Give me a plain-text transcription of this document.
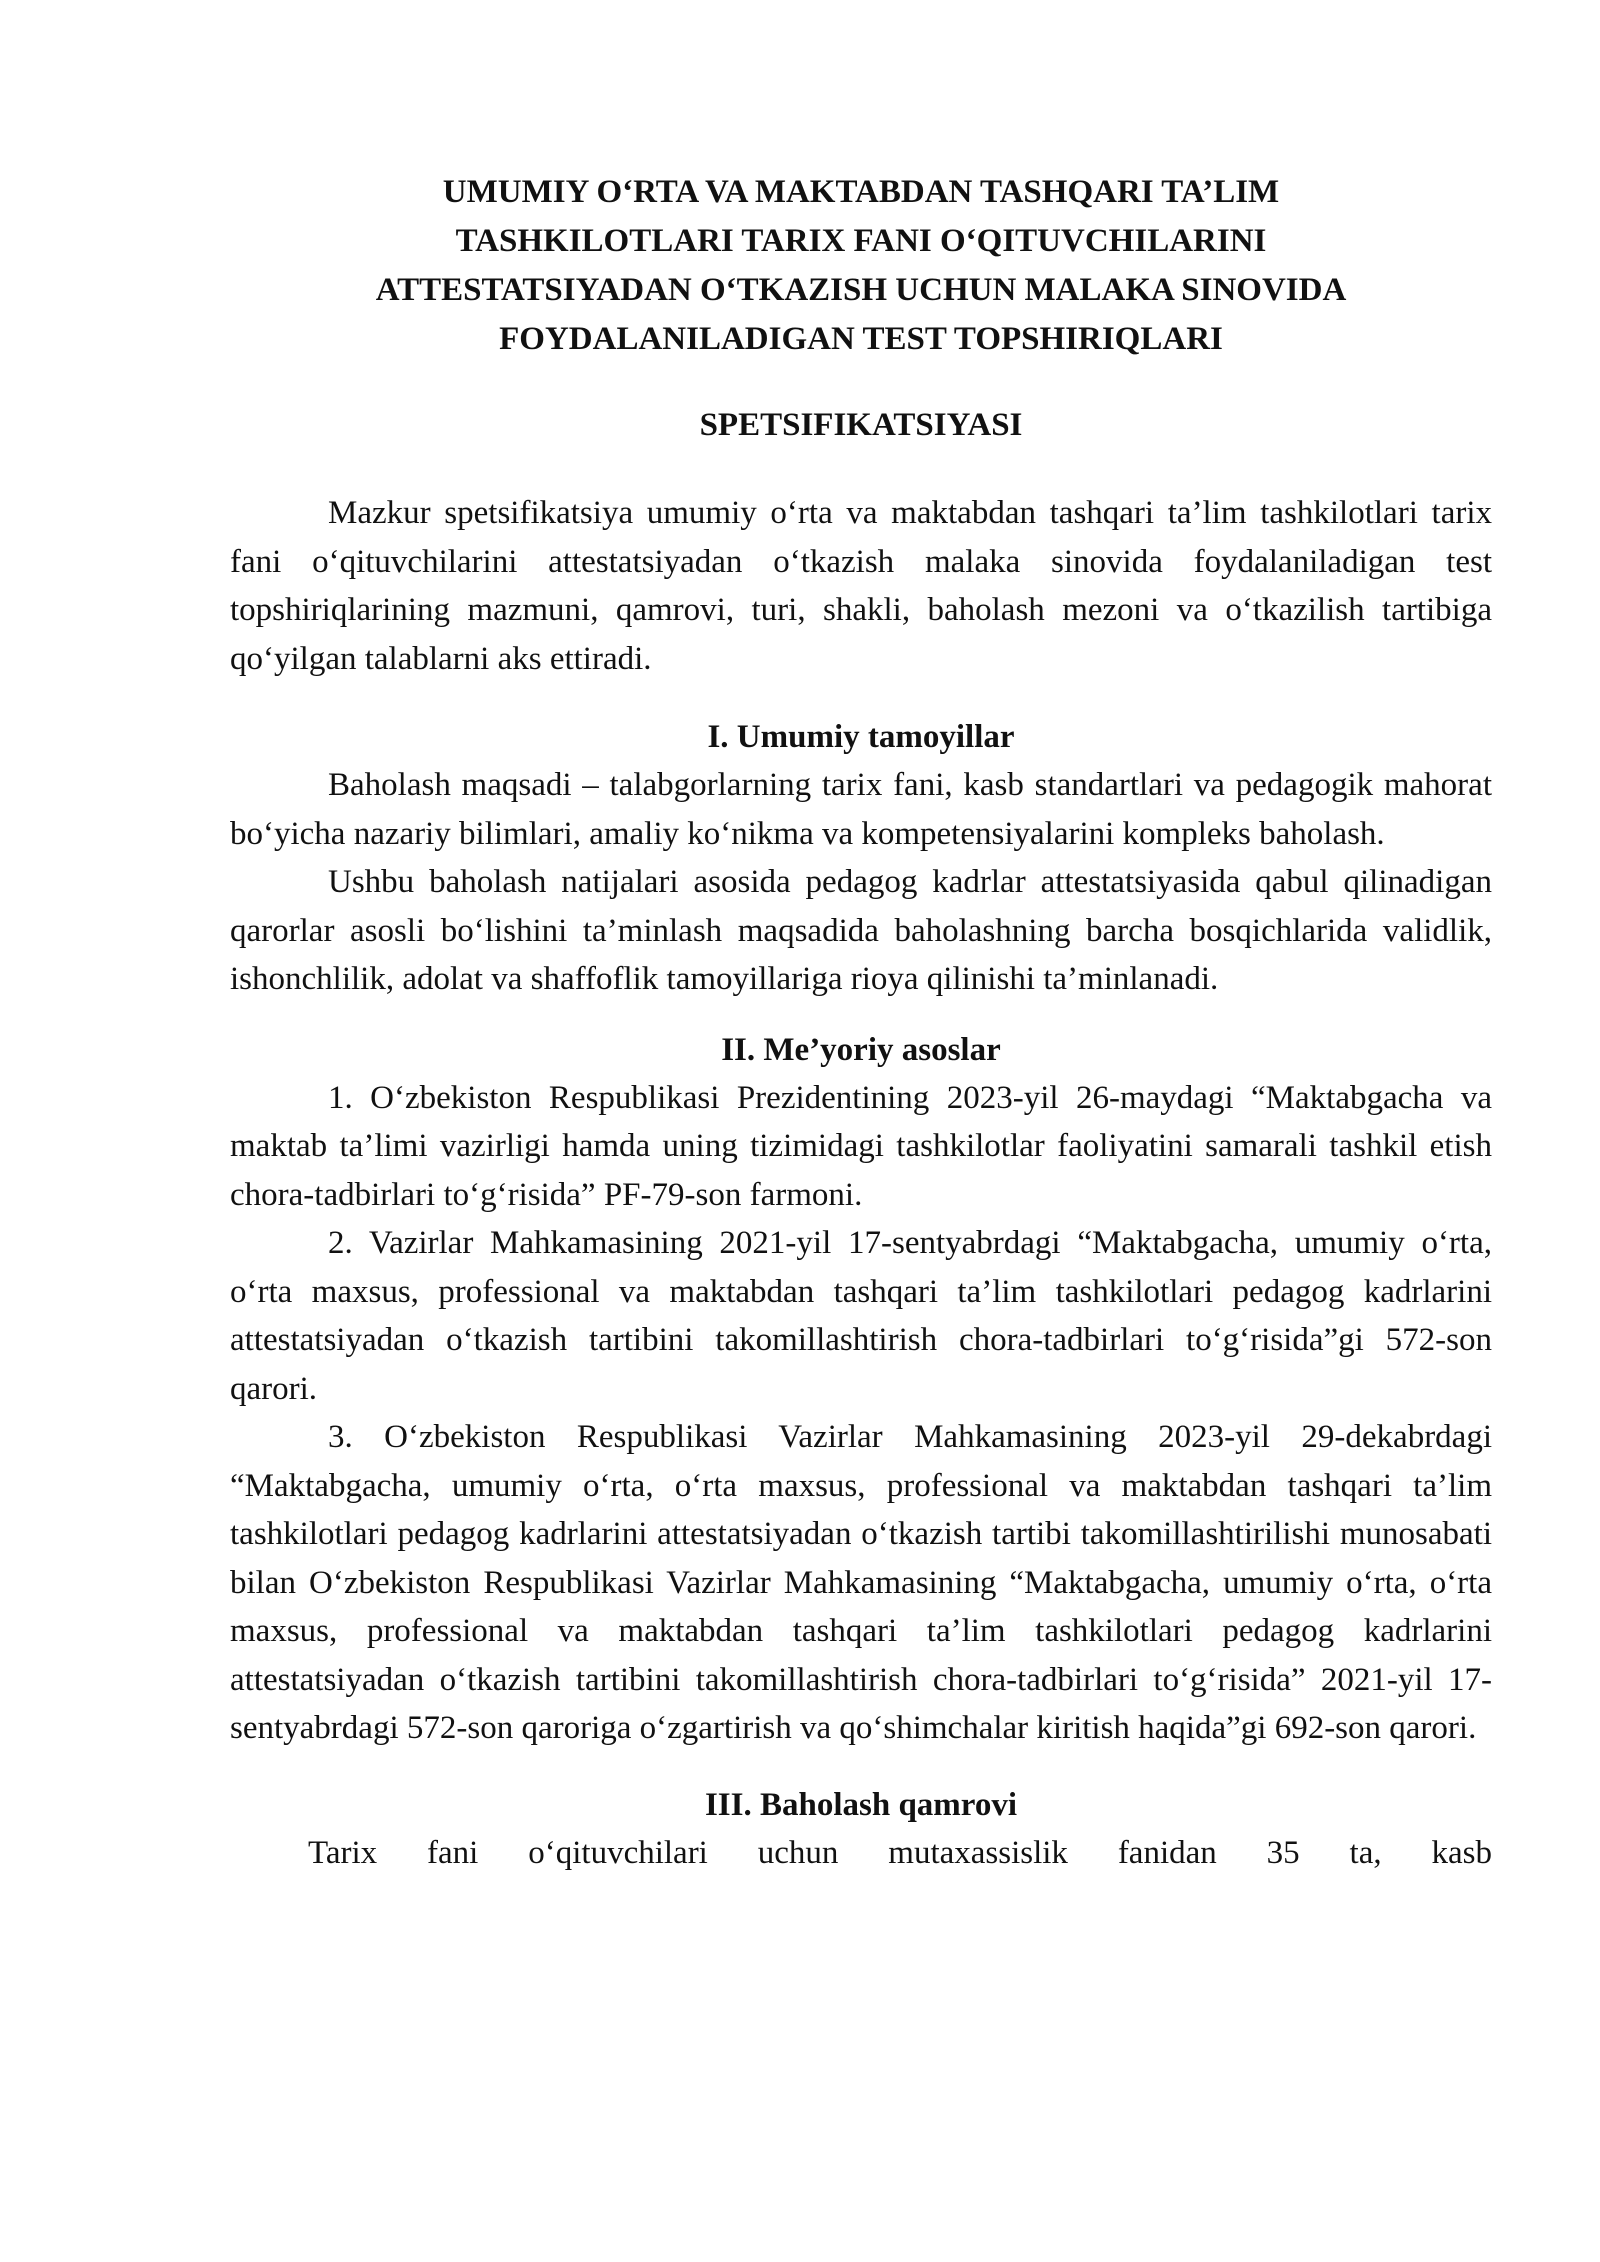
UMUMIY O‘RTA VA MAKTABDAN TASHQARI TA’LIM
TASHKILOTLARI TARIX FANI O‘QITUVCHILARINI
ATTESTATSIYADAN O‘TKAZISH UCHUN MALAKA SINOVIDA
FOYDALANILADIGAN TEST TOPSHIRIQLARI
SPETSIFIKATSIYASI

Mazkur spetsifikatsiya umumiy o‘rta va maktabdan tashqari ta’lim tashkilotlari tarix fani o‘qituvchilarini attestatsiyadan o‘tkazish malaka sinovida foydalaniladigan test topshiriqlarining mazmuni, qamrovi, turi, shakli, baholash mezoni va o‘tkazilish tartibiga qo‘yilgan talablarni aks ettiradi.

I. Umumiy tamoyillar

Baholash maqsadi – talabgorlarning tarix fani, kasb standartlari va pedagogik mahorat bo‘yicha nazariy bilimlari, amaliy ko‘nikma va kompetensiyalarini kompleks baholash.

Ushbu baholash natijalari asosida pedagog kadrlar attestatsiyasida qabul qilinadigan qarorlar asosli bo‘lishini ta’minlash maqsadida baholashning barcha bosqichlarida validlik, ishonchlilik, adolat va shaffoflik tamoyillariga rioya qilinishi ta’minlanadi.

II. Me’yoriy asoslar

1. O‘zbekiston Respublikasi Prezidentining 2023-yil 26-maydagi “Maktabgacha va maktab ta’limi vazirligi hamda uning tizimidagi tashkilotlar faoliyatini samarali tashkil etish chora-tadbirlari to‘g‘risida” PF-79-son farmoni.

2. Vazirlar Mahkamasining 2021-yil 17-sentyabrdagi “Maktabgacha, umumiy o‘rta, o‘rta maxsus, professional va maktabdan tashqari ta’lim tashkilotlari pedagog kadrlarini attestatsiyadan o‘tkazish tartibini takomillashtirish chora-tadbirlari to‘g‘risida”gi 572-son qarori.

3. O‘zbekiston Respublikasi Vazirlar Mahkamasining 2023-yil 29-dekabrdagi “Maktabgacha, umumiy o‘rta, o‘rta maxsus, professional va maktabdan tashqari ta’lim tashkilotlari pedagog kadrlarini attestatsiyadan o‘tkazish tartibi takomillashtirilishi munosabati bilan O‘zbekiston Respublikasi Vazirlar Mahkamasining “Maktabgacha, umumiy o‘rta, o‘rta maxsus, professional va maktabdan tashqari ta’lim tashkilotlari pedagog kadrlarini attestatsiyadan o‘tkazish tartibini takomillashtirish chora-tadbirlari to‘g‘risida” 2021-yil 17-sentyabrdagi 572-son qaroriga o‘zgartirish va qo‘shimchalar kiritish haqida”gi 692-son qarori.

III. Baholash qamrovi

Tarix fani o‘qituvchilari uchun mutaxassislik fanidan 35 ta, kasb
